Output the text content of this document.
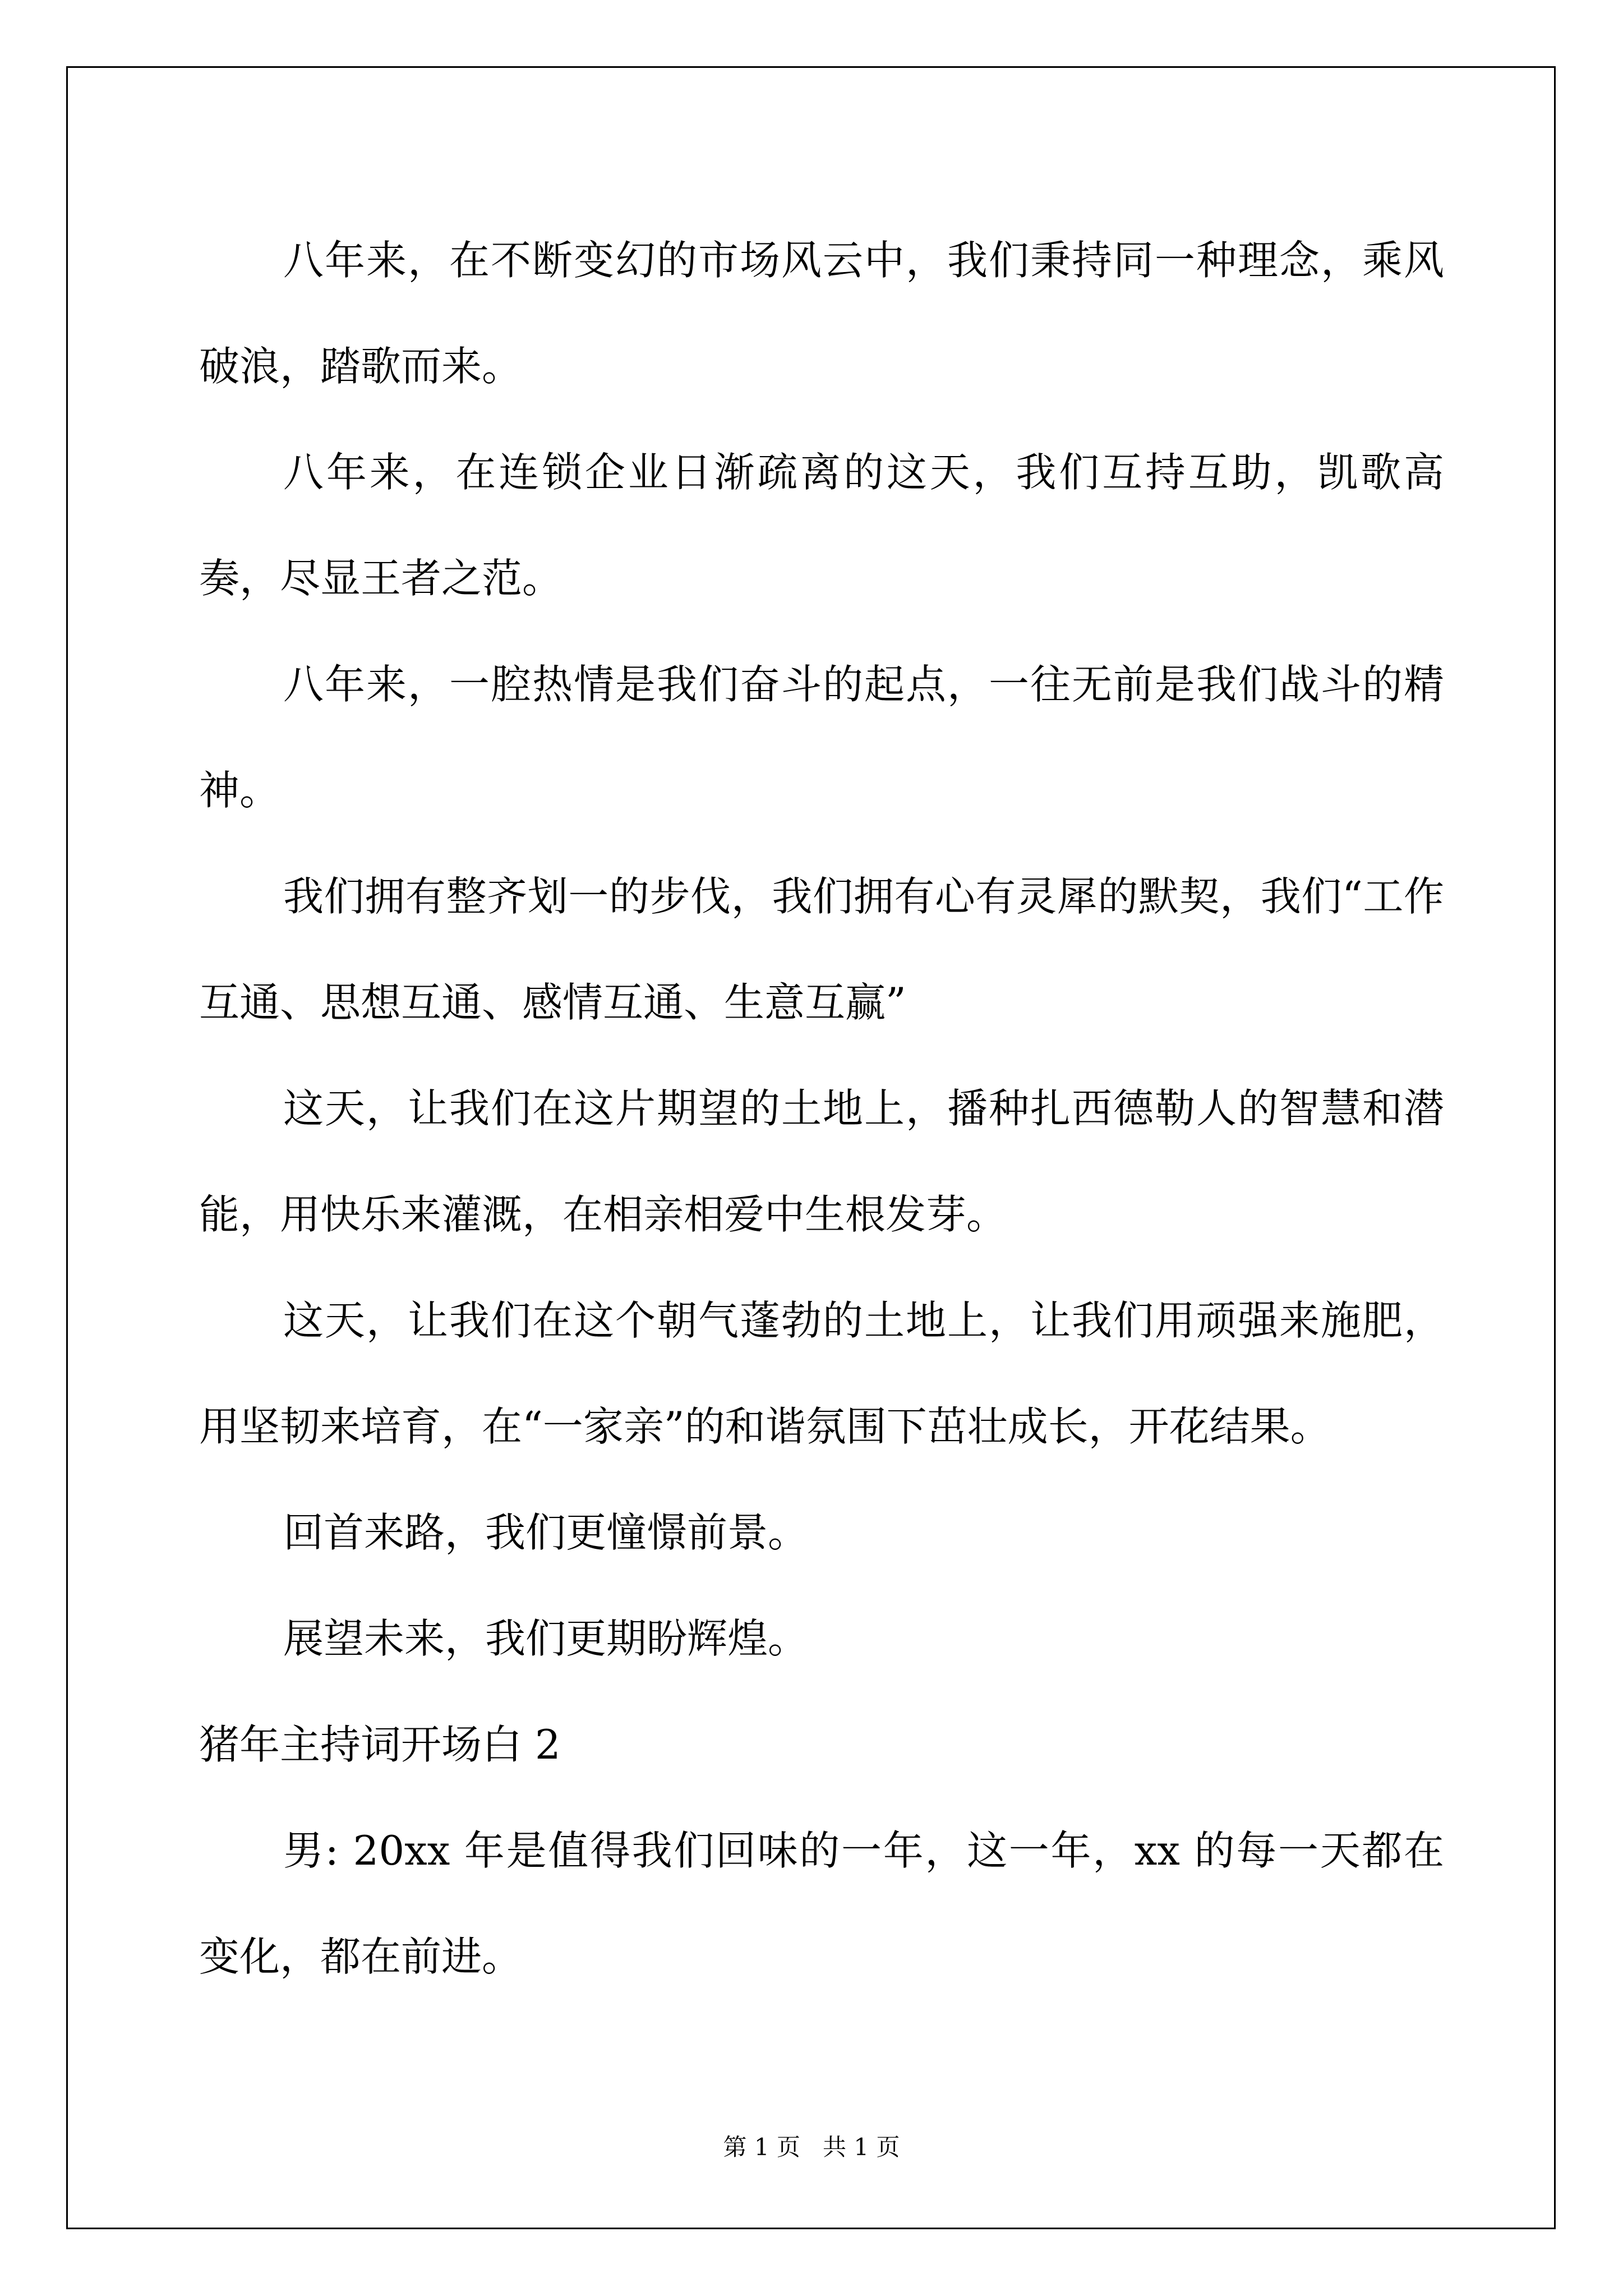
八年来，在不断变幻的市场风云中，我们秉持同一种理念，乘风破浪，踏歌而来。

八年来，在连锁企业日渐疏离的这天，我们互持互助，凯歌高奏，尽显王者之范。

八年来，一腔热情是我们奋斗的起点，一往无前是我们战斗的精神。

我们拥有整齐划一的步伐，我们拥有心有灵犀的默契，我们“工作互通、思想互通、感情互通、生意互赢”

这天，让我们在这片期望的土地上，播种扎西德勒人的智慧和潜能，用快乐来灌溉，在相亲相爱中生根发芽。

这天，让我们在这个朝气蓬勃的土地上，让我们用顽强来施肥，用坚韧来培育，在“一家亲”的和谐氛围下茁壮成长，开花结果。

回首来路，我们更憧憬前景。

展望未来，我们更期盼辉煌。

猪年主持词开场白 2

男: 20xx 年是值得我们回味的一年，这一年，xx 的每一天都在变化，都在前进。

第 1 页   共 1 页
